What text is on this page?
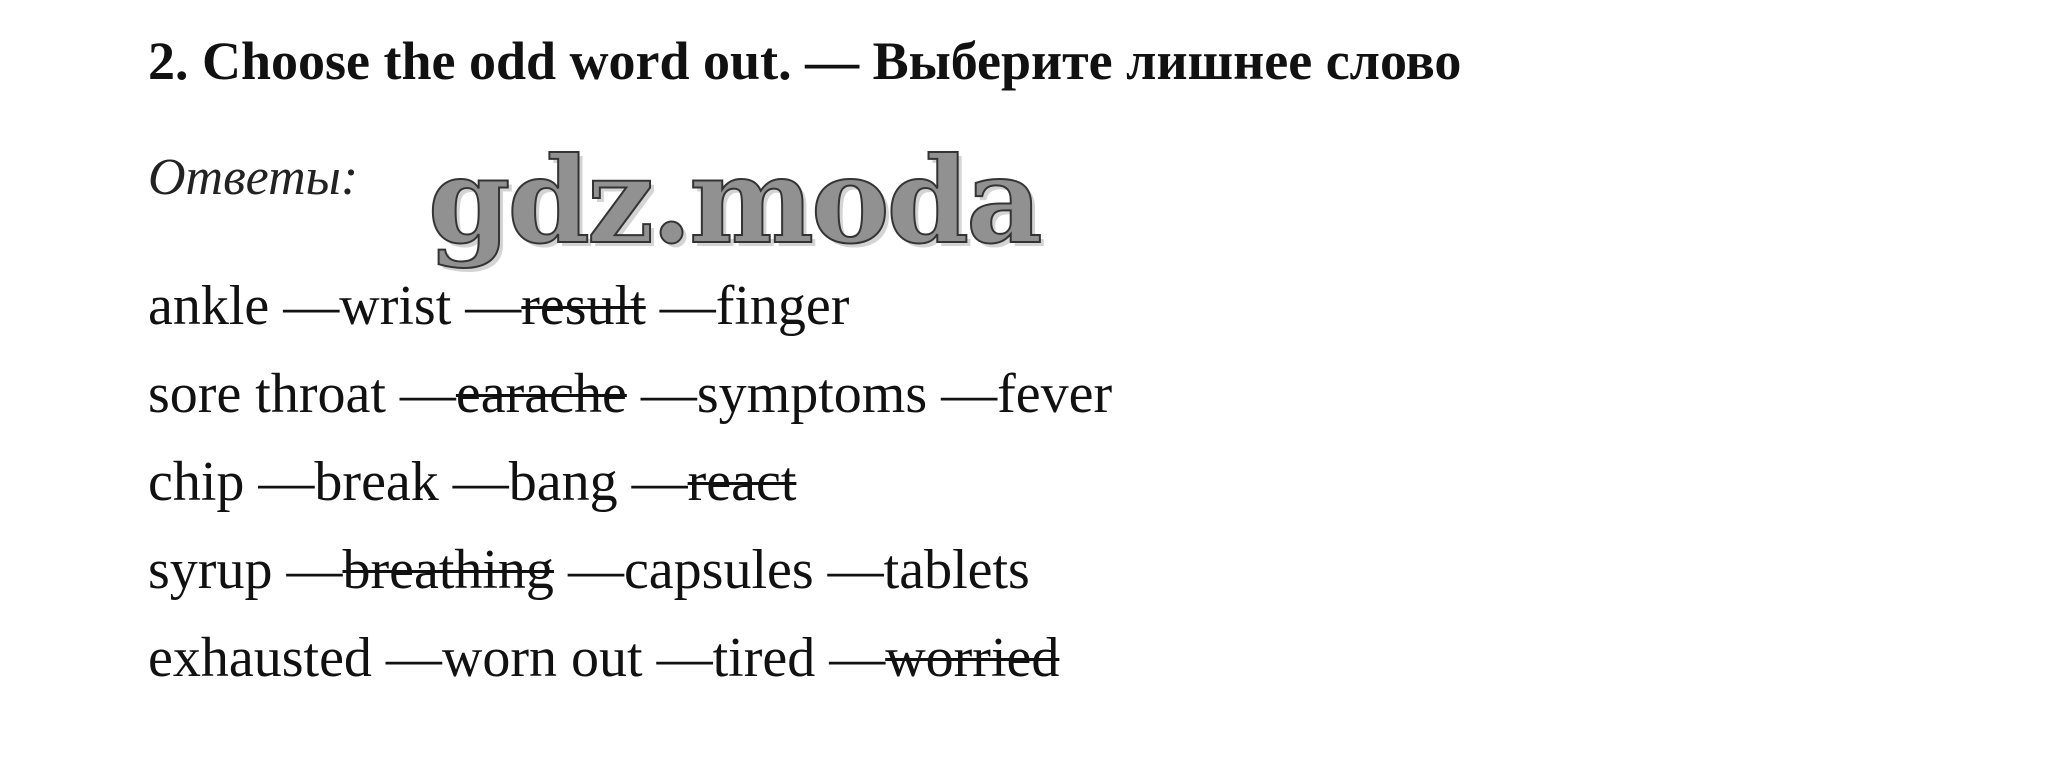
2. Choose the odd word out. — Выберите лишнее слово
Ответы: gdz.moda
ankle — wrist — result — finger
sore throat — earache — symptoms — fever
chip — break — bang — react
syrup — breathing — capsules — tablets
exhausted — worn out — tired — worried
